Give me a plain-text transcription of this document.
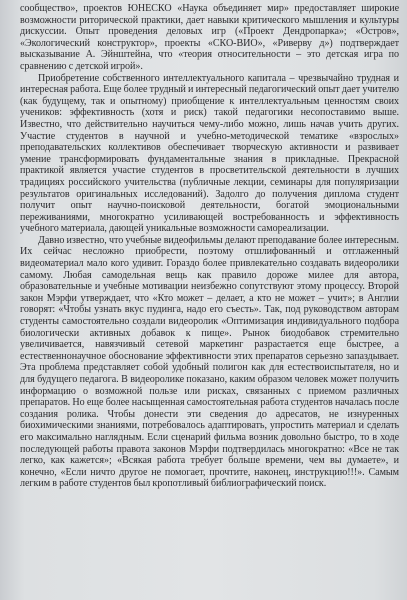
сообщество», проектов ЮНЕСКО «Наука объединяет мир» предоставляет широкие возможности риторической практики, дает навыки критического мышления и культуры дискуссии. Опыт проведения деловых игр («Проект Дендропарка»; «Остров», «Экологический конструктор», проекты «СКО-ВИО», «Риверву д») подтверждает высказывание А. Эйнштейна, что «теория относительности – это детская игра по сравнению с детской игрой».

Приобретение собственного интеллектуального капитала – чрезвычайно трудная и интересная работа. Еще более трудный и интересный педагогический опыт дает учителю (как будущему, так и опытному) приобщение к интеллектуальным ценностям своих учеников: эффективность (хотя и риск) такой педагогики несопоставимо выше. Известно, что действительно научиться чему-либо можно, лишь начав учить других. Участие студентов в научной и учебно-методической тематике «взрослых» преподавательских коллективов обеспечивает творческую активности и развивает умение трансформировать фундаментальные знания в прикладные. Прекрасной практикой является участие студентов в просветительской деятельности в лучших традициях российского учительства (публичные лекции, семинары для популяризации результатов оригинальных исследований). Задолго до получения диплома студент получит опыт научно-поисковой деятельности, богатой эмоциональными переживаниями, многократно усиливающей востребованность и эффективность учебного материала, дающей уникальные возможности самореализации.

Давно известно, что учебные видеофильмы делают преподавание более интересным. Их сейчас несложно приобрести, поэтому отшлифованный и отглаженный видеоматериал мало кого удивит. Гораздо более привлекательно создавать видеоролики самому. Любая самодельная вещь как правило дороже милее для автора, образовательные и учебные мотивации неизбежно сопутствуют этому процессу. Второй закон Мэрфи утверждает, что «Кто может – делает, а кто не может – учит»; в Англии говорят: «Чтобы узнать вкус пудинга, надо его съесть». Так, под руководством авторам студенты самостоятельно создали видеоролик «Оптимизация индивидуального подбора биологически активных добавок к пище». Рынок биодобавок стремительно увеличивается, навязчивый сетевой маркетинг разрастается еще быстрее, а естественнонаучное обоснование эффективности этих препаратов серьезно запаздывает. Эта проблема представляет собой удобный полигон как для естествоиспытателя, но и для будущего педагога. В видеоролике показано, каким образом человек может получить информацию о возможной пользе или рисках, связанных с приемом различных препаратов. Но еще более насыщенная самостоятельная работа студентов началась после создания ролика. Чтобы донести эти сведения до адресатов, не изнуренных биохимическими знаниями, потребовалось адаптировать, упростить материал и сделать его максимально наглядным. Если сценарий фильма возник довольно быстро, то в ходе последующей работы правота законов Мэрфи подтвердилась многократно: «Все не так легко, как кажется»; «Всякая работа требует больше времени, чем вы думаете», и конечно, «Если ничто другое не помогает, прочтите, наконец, инструкцию!!!». Самым легким в работе студентов был кропотливый библиографический поиск.
